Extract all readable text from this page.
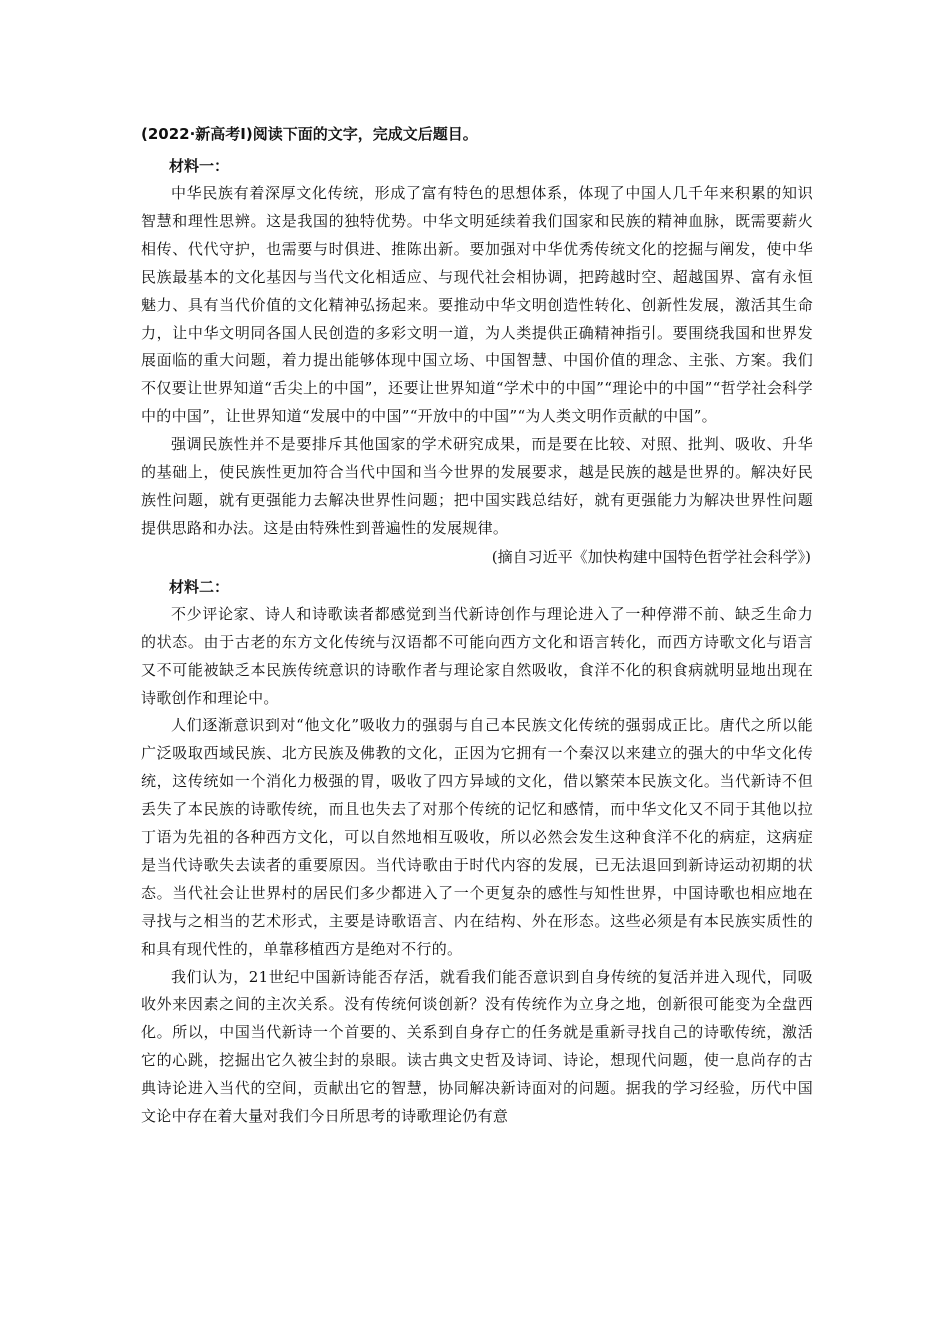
(2022·新高考Ⅰ)阅读下面的文字，完成文后题目。

材料一：

中华民族有着深厚文化传统，形成了富有特色的思想体系，体现了中国人几千年来积累的知识智慧和理性思辨。这是我国的独特优势。中华文明延续着我们国家和民族的精神血脉，既需要薪火相传、代代守护，也需要与时俱进、推陈出新。要加强对中华优秀传统文化的挖掘与阐发，使中华民族最基本的文化基因与当代文化相适应、与现代社会相协调，把跨越时空、超越国界、富有永恒魅力、具有当代价值的文化精神弘扬起来。要推动中华文明创造性转化、创新性发展，激活其生命力，让中华文明同各国人民创造的多彩文明一道，为人类提供正确精神指引。要围绕我国和世界发展面临的重大问题，着力提出能够体现中国立场、中国智慧、中国价值的理念、主张、方案。我们不仅要让世界知道“舌尖上的中国”，还要让世界知道“学术中的中国”“理论中的中国”“哲学社会科学中的中国”，让世界知道“发展中的中国”“开放中的中国”“为人类文明作贡献的中国”。

强调民族性并不是要排斥其他国家的学术研究成果，而是要在比较、对照、批判、吸收、升华的基础上，使民族性更加符合当代中国和当今世界的发展要求，越是民族的越是世界的。解决好民族性问题，就有更强能力去解决世界性问题；把中国实践总结好，就有更强能力为解决世界性问题提供思路和办法。这是由特殊性到普遍性的发展规律。

(摘自习近平《加快构建中国特色哲学社会科学》)

材料二：

不少评论家、诗人和诗歌读者都感觉到当代新诗创作与理论进入了一种停滞不前、缺乏生命力的状态。由于古老的东方文化传统与汉语都不可能向西方文化和语言转化，而西方诗歌文化与语言又不可能被缺乏本民族传统意识的诗歌作者与理论家自然吸收，食洋不化的积食病就明显地出现在诗歌创作和理论中。

人们逐渐意识到对“他文化”吸收力的强弱与自己本民族文化传统的强弱成正比。唐代之所以能广泛吸取西域民族、北方民族及佛教的文化，正因为它拥有一个秦汉以来建立的强大的中华文化传统，这传统如一个消化力极强的胃，吸收了四方异域的文化，借以繁荣本民族文化。当代新诗不但丢失了本民族的诗歌传统，而且也失去了对那个传统的记忆和感情，而中华文化又不同于其他以拉丁语为先祖的各种西方文化，可以自然地相互吸收，所以必然会发生这种食洋不化的病症，这病症是当代诗歌失去读者的重要原因。当代诗歌由于时代内容的发展，已无法退回到新诗运动初期的状态。当代社会让世界村的居民们多少都进入了一个更复杂的感性与知性世界，中国诗歌也相应地在寻找与之相当的艺术形式，主要是诗歌语言、内在结构、外在形态。这些必须是有本民族实质性的和具有现代性的，单靠移植西方是绝对不行的。

我们认为，21世纪中国新诗能否存活，就看我们能否意识到自身传统的复活并进入现代，同吸收外来因素之间的主次关系。没有传统何谈创新？没有传统作为立身之地，创新很可能变为全盘西化。所以，中国当代新诗一个首要的、关系到自身存亡的任务就是重新寻找自己的诗歌传统，激活它的心跳，挖掘出它久被尘封的泉眼。读古典文史哲及诗词、诗论，想现代问题，使一息尚存的古典诗论进入当代的空间，贡献出它的智慧，协同解决新诗面对的问题。据我的学习经验，历代中国文论中存在着大量对我们今日所思考的诗歌理论仍有意
